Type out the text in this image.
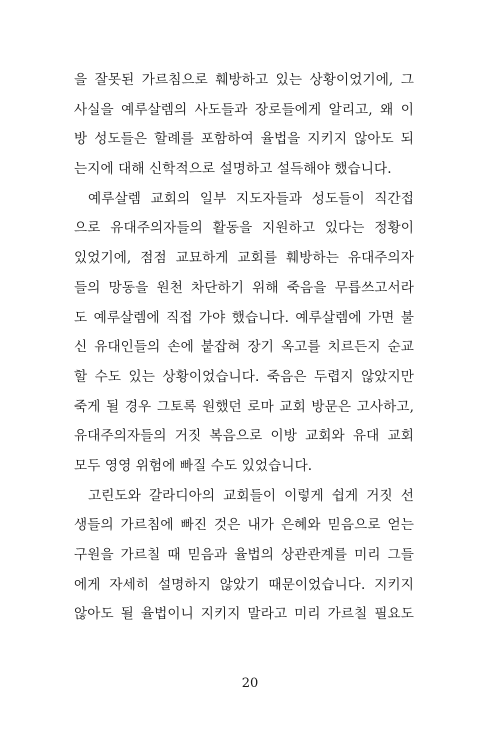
을 잘못된 가르침으로 훼방하고 있는 상황이었기에, 그
사실을 예루살렘의 사도들과 장로들에게 알리고, 왜 이
방 성도들은 할례를 포함하여 율법을 지키지 않아도 되
는지에 대해 신학적으로 설명하고 설득해야 했습니다.
예루살렘 교회의 일부 지도자들과 성도들이 직간접
으로 유대주의자들의 활동을 지원하고 있다는 정황이
있었기에, 점점 교묘하게 교회를 훼방하는 유대주의자
들의 망동을 원천 차단하기 위해 죽음을 무릅쓰고서라
도 예루살렘에 직접 가야 했습니다. 예루살렘에 가면 불
신 유대인들의 손에 붙잡혀 장기 옥고를 치르든지 순교
할 수도 있는 상황이었습니다. 죽음은 두렵지 않았지만
죽게 될 경우 그토록 원했던 로마 교회 방문은 고사하고,
유대주의자들의 거짓 복음으로 이방 교회와 유대 교회
모두 영영 위험에 빠질 수도 있었습니다.
고린도와 갈라디아의 교회들이 이렇게 쉽게 거짓 선
생들의 가르침에 빠진 것은 내가 은혜와 믿음으로 얻는
구원을 가르칠 때 믿음과 율법의 상관관계를 미리 그들
에게 자세히 설명하지 않았기 때문이었습니다. 지키지
않아도 될 율법이니 지키지 말라고 미리 가르칠 필요도
20
